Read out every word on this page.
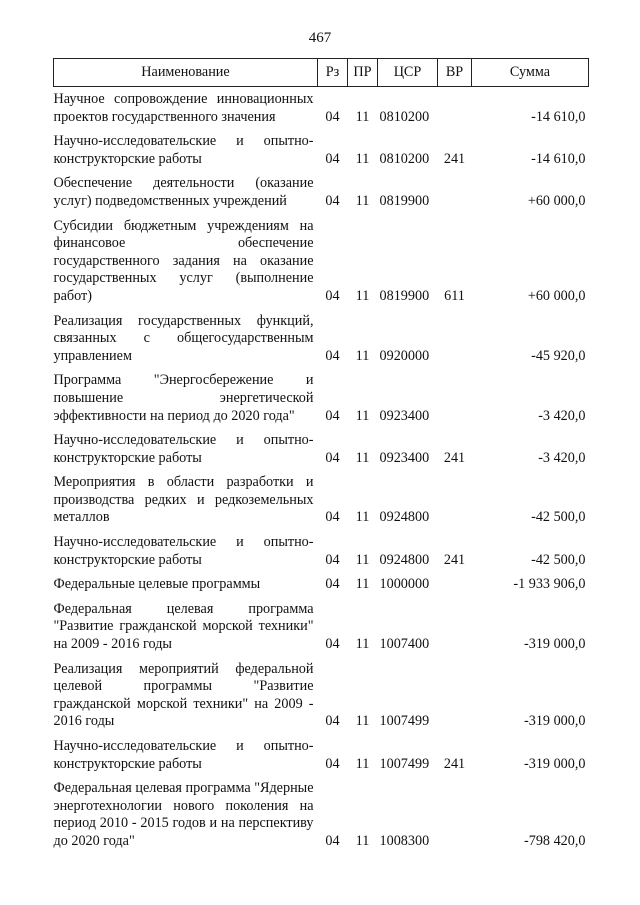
467
Наименование	Рз	ПР	ЦСР	ВР	Сумма
Научное сопровождение инновационных проектов государственного значения	04	11	0810200		-14 610,0
Научно-исследовательские и опытно-конструкторские работы	04	11	0810200	241	-14 610,0
Обеспечение деятельности (оказание услуг) подведомственных учреждений	04	11	0819900		+60 000,0
Субсидии бюджетным учреждениям на финансовое обеспечение государственного задания на оказание государственных услуг (выполнение работ)	04	11	0819900	611	+60 000,0
Реализация государственных функций, связанных с общегосударственным управлением	04	11	0920000		-45 920,0
Программа "Энергосбережение и повышение энергетической эффективности на период до 2020 года"	04	11	0923400		-3 420,0
Научно-исследовательские и опытно-конструкторские работы	04	11	0923400	241	-3 420,0
Мероприятия в области разработки и производства редких и редкоземельных металлов	04	11	0924800		-42 500,0
Научно-исследовательские и опытно-конструкторские работы	04	11	0924800	241	-42 500,0
Федеральные целевые программы	04	11	1000000		-1 933 906,0
Федеральная целевая программа "Развитие гражданской морской техники" на 2009 - 2016 годы	04	11	1007400		-319 000,0
Реализация мероприятий федеральной целевой программы "Развитие гражданской морской техники" на 2009 - 2016 годы	04	11	1007499		-319 000,0
Научно-исследовательские и опытно-конструкторские работы	04	11	1007499	241	-319 000,0
Федеральная целевая программа "Ядерные энерготехнологии нового поколения на период 2010 - 2015 годов и на перспективу до 2020 года"	04	11	1008300		-798 420,0
